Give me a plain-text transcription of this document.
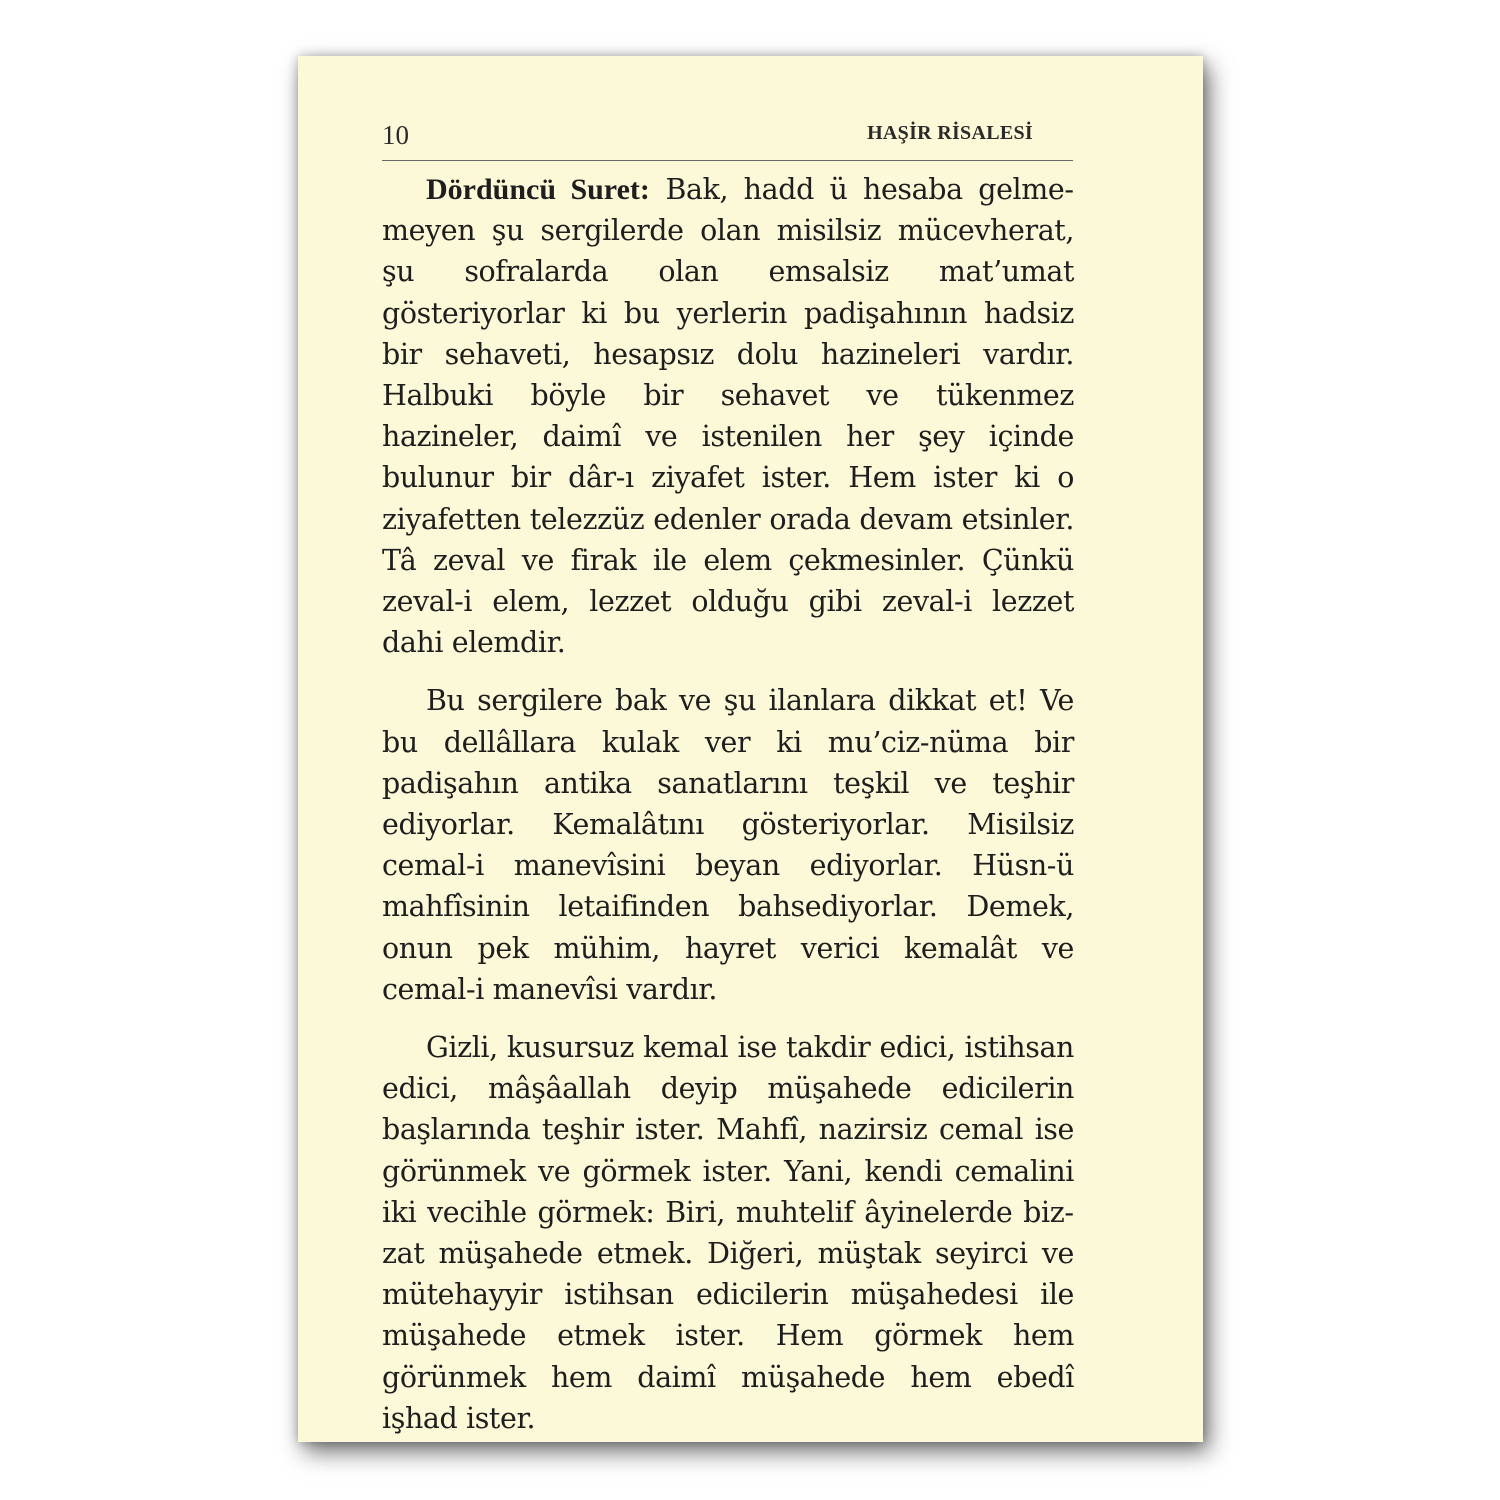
10	HAŞİR RİSALESİ

Dördüncü Suret: Bak, hadd ü hesaba gelmemeyen şu sergilerde olan misilsiz mücevherat, şu sofralarda olan emsalsiz mat’umat gösteriyorlar ki bu yerlerin padişahının hadsiz bir sehaveti, hesapsız dolu hazineleri vardır. Halbuki böyle bir sehavet ve tükenmez hazineler, daimî ve istenilen her şey içinde bulunur bir dâr-ı ziyafet ister. Hem ister ki o ziyafetten telezzüz edenler orada devam etsinler. Tâ zeval ve firak ile elem çekmesinler. Çünkü zeval-i elem, lezzet olduğu gibi zeval-i lezzet dahi elemdir.

Bu sergilere bak ve şu ilanlara dikkat et! Ve bu dellâllara kulak ver ki mu’ciz-nüma bir padişahın antika sanatlarını teşkil ve teşhir ediyorlar. Kemalâtını gösteriyorlar. Misilsiz cemal-i manevîsini beyan ediyorlar. Hüsn-ü mahfîsinin letaifinden bahsediyorlar. Demek, onun pek mühim, hayret verici kemalât ve cemal-i manevîsi vardır.

Gizli, kusursuz kemal ise takdir edici, istihsan edici, mâşâallah deyip müşahede edicilerin başlarında teşhir ister. Mahfî, nazirsiz cemal ise görünmek ve görmek ister. Yani, kendi cemalini iki vecihle görmek: Biri, muhtelif âyinelerde bizzat müşahede etmek. Diğeri, müştak seyirci ve mütehayyir istihsan edicilerin müşahedesi ile müşahede etmek ister. Hem görmek hem görünmek hem daimî müşahede hem ebedî işhad ister.
